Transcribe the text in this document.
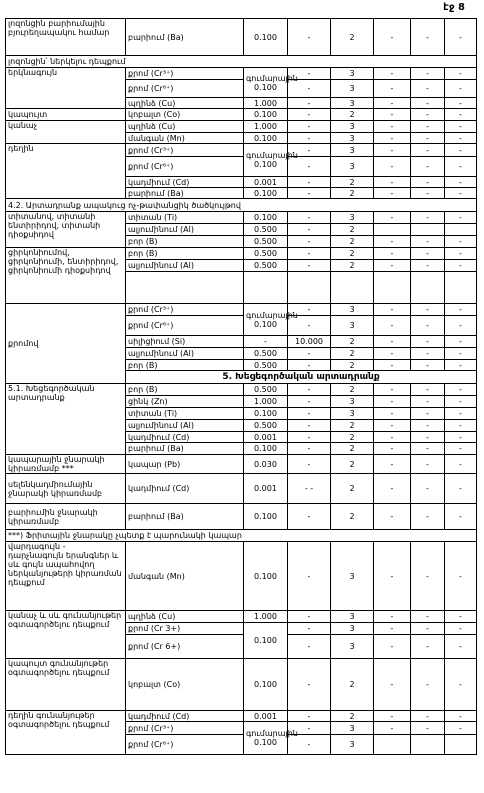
էջ 8
լոզոնցին բարիումային բյուրեղապակու համար	բարիում (Ba)	0.100	-	2	-	-	-
լոզոնցին՝ ներկելու դեպքում							
երկնագույն	քրոմ (Cr³⁺)	գումարային 0.100	-	3	-	-	-
	քրոմ (Cr⁶⁺)		-	3	-	-	-
	պղինձ (Cu)	1.000	-	3	-	-	-
կապույտ	կոբալտ (Co)	0.100	-	2	-	-	-
կանաչ	պղինձ (Cu)	1.000	-	3	-	-	-
	մանգան (Mn)	0.100	-	3	-	-	-
դեղին	քրոմ (Cr³⁺)	գումարային 0.100	-	3	-	-	-
	քրոմ (Cr⁶⁺)		-	3	-	-	-
	կադմիում (Cd)	0.001	-	2	-	-	-
	բարիում (Ba)	0.100	-	2	-	-	-
4.2. Արտադրանք ապակուց ոչ-թափանցիկ ծածկույթով							
տիտանով, տիտանի ենտիրիդով, տիտանի դիօքսիդով	տիտան (Ti)	0.100	-	3	-	-	-
	ալյումինում (Al)	0.500	-	2			
	բոր (B)	0.500	-	2	-	-	-
ցիրկոնիումով, ցիրկոնիումի, ենտիրիդով, ցիրկոնիումի դիօքսիդով	բոր (B)	0.500	-	2	-	-	-
	ալյումինում (Al)	0.500	-	2	-	-	-

քրոմով	քրոմ (Cr³⁺)	գումարային 0.100	-	3	-	-	-
	քրոմ (Cr⁶⁺)		-	3	-	-	-
	սիլիցիում (Si)	-	10.000	2	-	-	-
	ալյումինում (Al)	0.500	-	2	-	-	-
	բոր (B)	0.500	-	2	-	-	-
	5. Խեցեգործական արտադրանք						
5.1. Խեցեգործական արտադրանք	բոր (B)	0.500	-	2	-	-	-
	ցինկ (Zn)	1.000	-	3	-	-	-
	տիտան (Ti)	0.100	-	3	-	-	-
	ալյումինում (Al)	0.500	-	2	-	-	-
	կադմիում (Cd)	0.001	-	2	-	-	-
	բարիում (Ba)	0.100	-	2	-	-	-
կապարային ջնարակի կիրառմամբ ***	կապար (Pb)	0.030	-	2	-	-	-
սելենկադմիումային ջնարակի կիրառմամբ	կադմիում (Cd)	0.001	- -	2	-	-	-
բարիումին ջնարակի կիրառմամբ	բարիում (Ba)	0.100	-	2	-	-	-
***) Ֆրիտային ջնարակը չպետք է պարունակի կապար							
վարդագույն - դարչնագույն երանգներ և սև գույն ապահովող ներկանյութերի կիրառման դեպքում	մանգան (Mn)	0.100	-	3	-	-	-
կանաչ և սև գունանյութեր օգտագործելու դեպքում	պղինձ (Cu)	1.000	-	3	-	-	-
	քրոմ (Cr 3+)	0.100	-	3	-	-	-
	քրոմ (Cr 6+)		-	3	-	-	-
կապույտ գունանյութեր օգտագործելու դեպքում	կոբալտ (Co)	0.100	-	2	-	-	-
դեղին գունանյութեր օգտագործելու դեպքում	կադմիում (Cd)	0.001	-	2	-	-	-
	քրոմ (Cr³⁺)	գումարային 0.100	-	3	-	-	-
	քրոմ (Cr⁶⁺)		-	3			
